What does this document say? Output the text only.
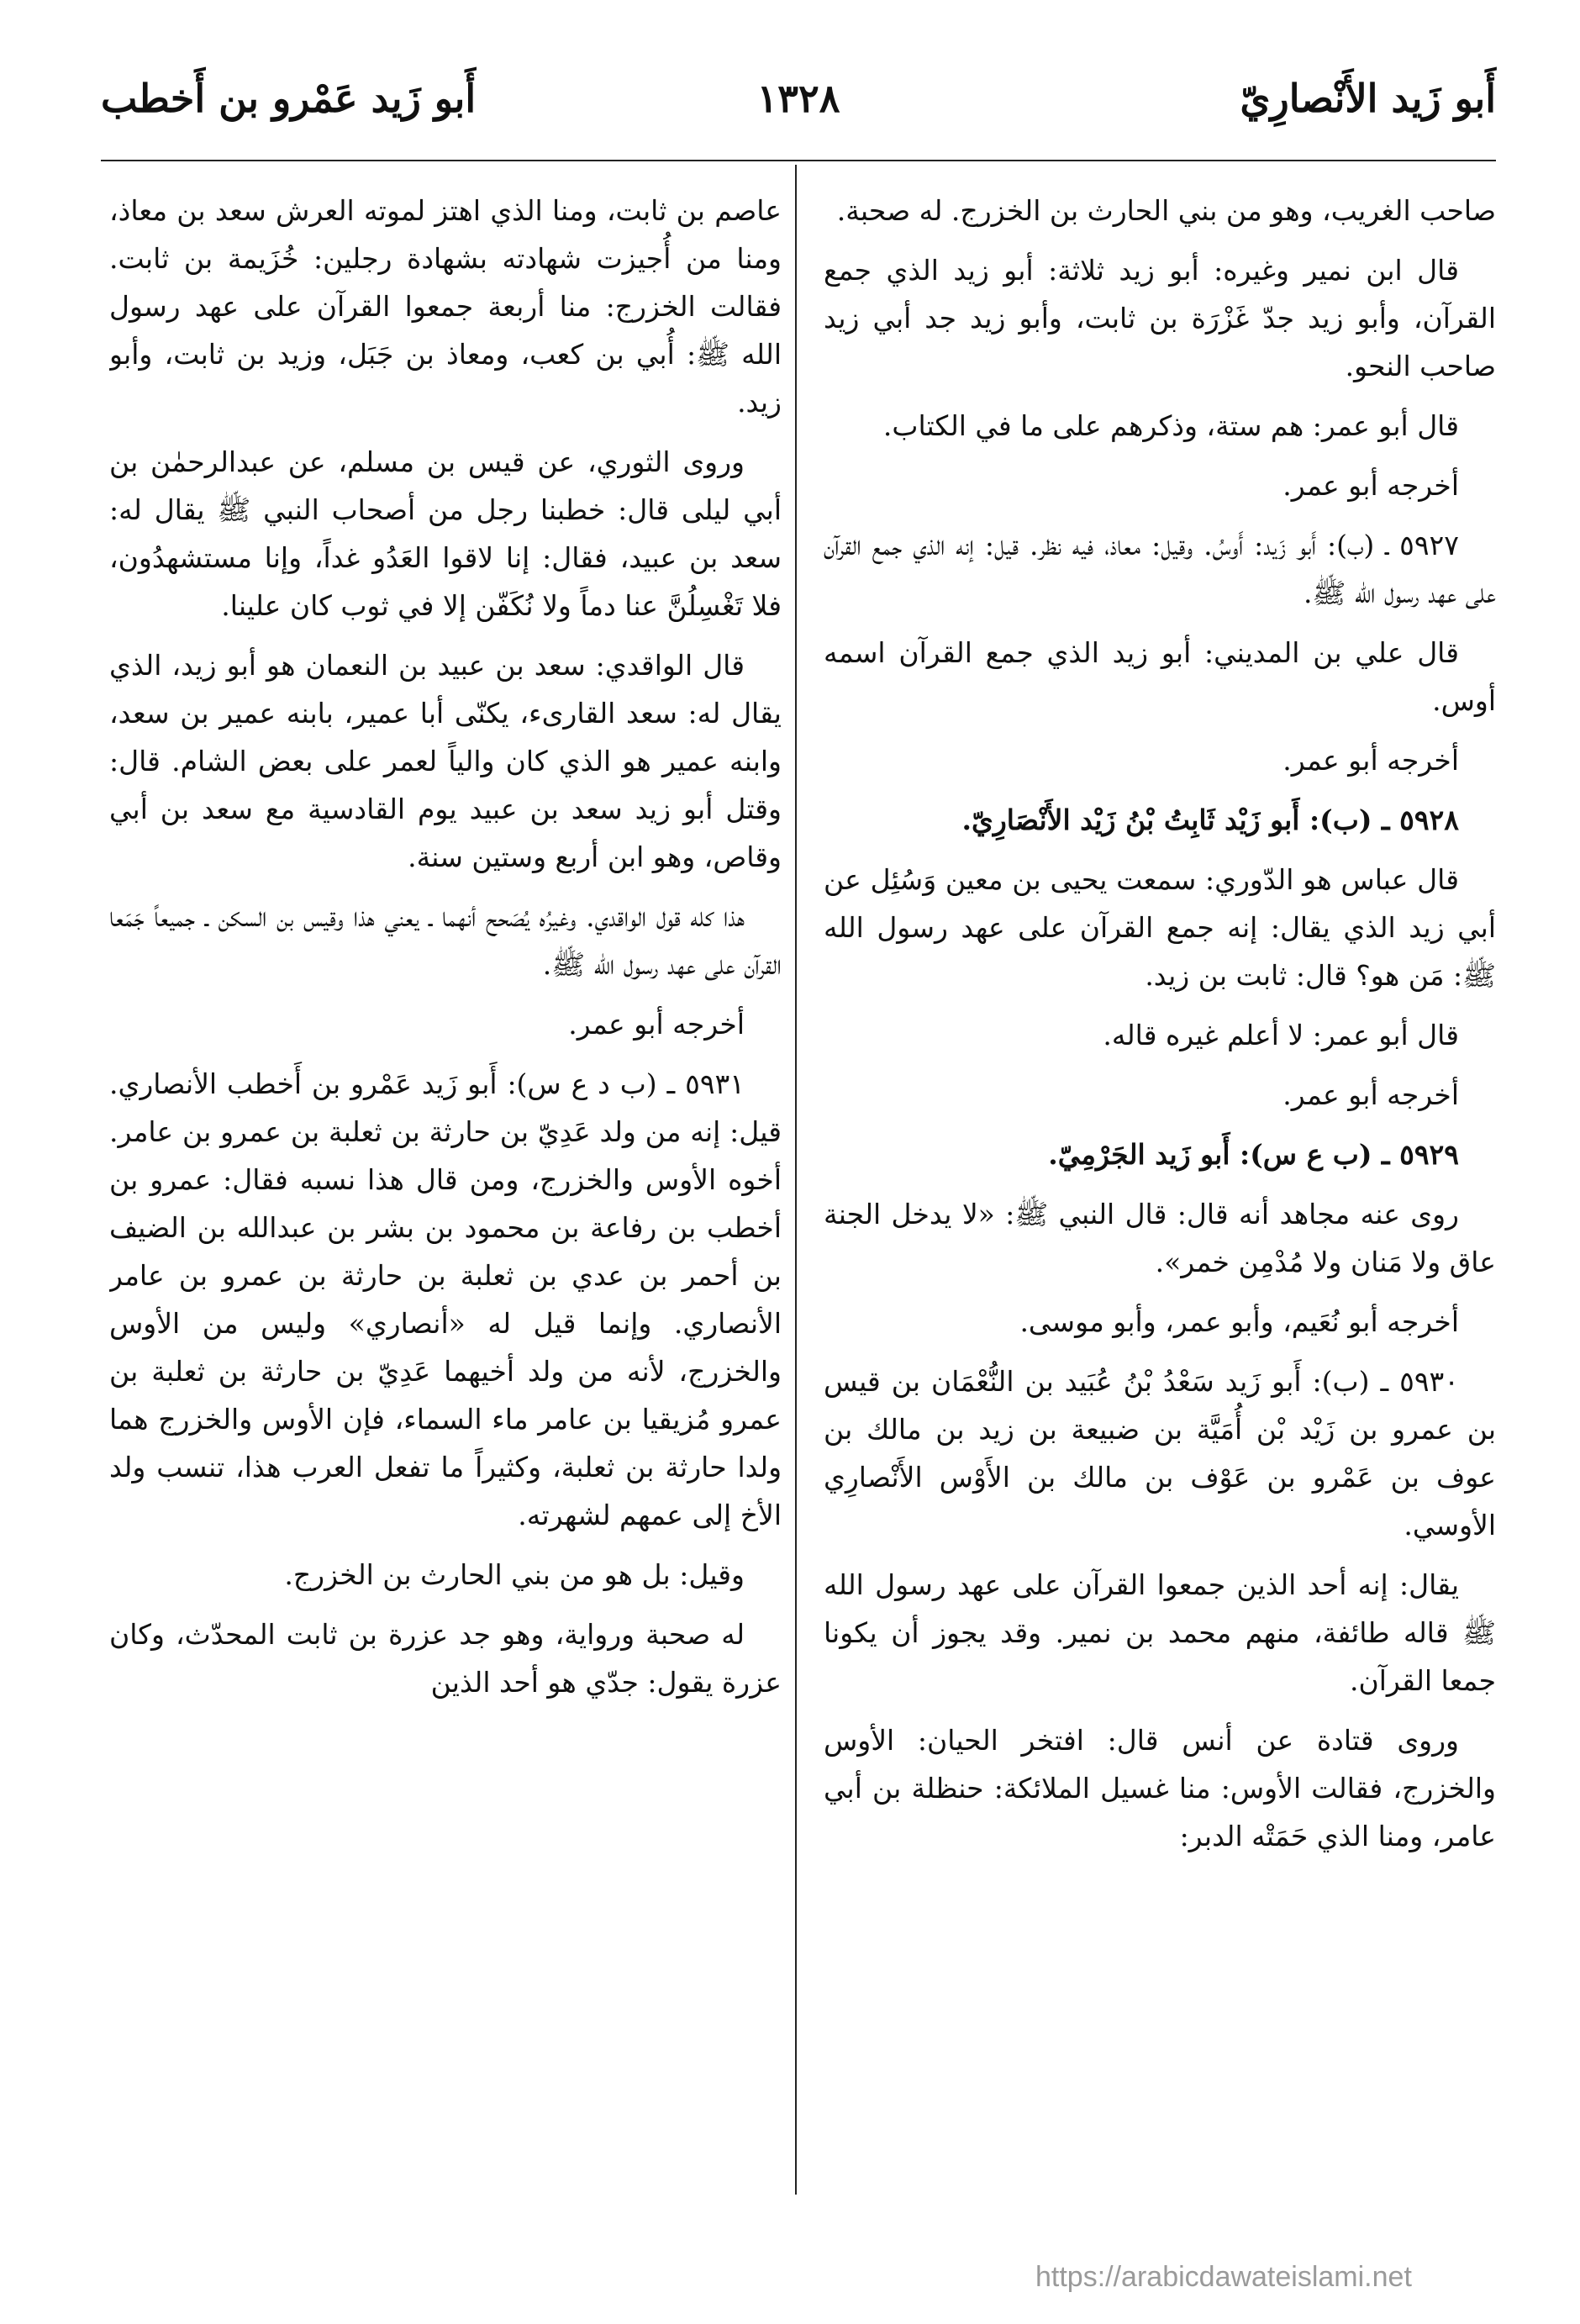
أَبو زَيد الأَنْصارِيّ
١٣٢٨
أَبو زَيد عَمْرو بن أَخطب

صاحب الغريب، وهو من بني الحارث بن الخزرج. له صحبة.

قال ابن نمير وغيره: أبو زيد ثلاثة: أبو زيد الذي جمع القرآن، وأبو زيد جدّ غَزْرَة بن ثابت، وأبو زيد جد أبي زيد صاحب النحو.

قال أبو عمر: هم ستة، وذكرهم على ما في الكتاب.

أخرجه أبو عمر.

٥٩٢٧ ـ (ب): أَبو زَيد: أَوسُ. وقيل: معاذ، فيه نظر. قيل: إنه الذي جمع القرآن على عهد رسول الله ﷺ.

قال علي بن المديني: أبو زيد الذي جمع القرآن اسمه أوس.

أخرجه أبو عمر.

٥٩٢٨ ـ (ب): أَبو زَيْد ثَابِتُ بْنُ زَيْد الأَنْصَارِيّ.

قال عباس هو الدّوري: سمعت يحيى بن معين وَسُئِل عن أبي زيد الذي يقال: إنه جمع القرآن على عهد رسول الله ﷺ: مَن هو؟ قال: ثابت بن زيد.

قال أبو عمر: لا أعلم غيره قاله.

أخرجه أبو عمر.

٥٩٢٩ ـ (ب ع س): أَبو زَيد الجَرْمِيّ.

روى عنه مجاهد أنه قال: قال النبي ﷺ: «لا يدخل الجنة عاق ولا مَنان ولا مُدْمِن خمر».

أخرجه أبو نُعَيم، وأبو عمر، وأبو موسى.

٥٩٣٠ ـ (ب): أَبو زَيد سَعْدُ بْنُ عُبَيد بن النُّعْمَان بن قيس بن عمرو بن زَيْد بْن أُمَيَّة بن ضبيعة بن زيد بن مالك بن عوف بن عَمْرو بن عَوْف بن مالك بن الأَوْس الأَنْصارِي الأوسي.

يقال: إنه أحد الذين جمعوا القرآن على عهد رسول الله ﷺ قاله طائفة، منهم محمد بن نمير. وقد يجوز أن يكونا جمعا القرآن.

وروى قتادة عن أنس قال: افتخر الحيان: الأوس والخزرج، فقالت الأوس: منا غسيل الملائكة: حنظلة بن أبي عامر، ومنا الذي حَمَتْه الدبر:

عاصم بن ثابت، ومنا الذي اهتز لموته العرش سعد بن معاذ، ومنا من أُجيزت شهادته بشهادة رجلين: خُزَيمة بن ثابت. فقالت الخزرج: منا أربعة جمعوا القرآن على عهد رسول الله ﷺ: أُبي بن كعب، ومعاذ بن جَبَل، وزيد بن ثابت، وأبو زيد.

وروى الثوري، عن قيس بن مسلم، عن عبدالرحمٰن بن أبي ليلى قال: خطبنا رجل من أصحاب النبي ﷺ يقال له: سعد بن عبيد، فقال: إنا لاقوا العَدُو غداً، وإنا مستشهدُون، فلا تَغْسِلُنَّ عنا دماً ولا نُكَفّن إلا في ثوب كان علينا.

قال الواقدي: سعد بن عبيد بن النعمان هو أبو زيد، الذي يقال له: سعد القارىء، يكنّى أبا عمير، بابنه عمير بن سعد، وابنه عمير هو الذي كان والياً لعمر على بعض الشام. قال: وقتل أبو زيد سعد بن عبيد يوم القادسية مع سعد بن أبي وقاص، وهو ابن أربع وستين سنة.

هذا كله قول الواقدي. وغيرُه يُصَحح أنهما ـ يعني هذا وقيس بن السكن ـ جميعاً جَمَعا القرآن على عهد رسول الله ﷺ.

أخرجه أبو عمر.

٥٩٣١ ـ (ب د ع س): أَبو زَيد عَمْرو بن أَخطب الأنصاري. قيل: إنه من ولد عَدِيّ بن حارثة بن ثعلبة بن عمرو بن عامر. أخوه الأوس والخزرج، ومن قال هذا نسبه فقال: عمرو بن أخطب بن رفاعة بن محمود بن بشر بن عبدالله بن الضيف بن أحمر بن عدي بن ثعلبة بن حارثة بن عمرو بن عامر الأنصاري. وإنما قيل له «أنصاري» وليس من الأوس والخزرج، لأنه من ولد أخيهما عَدِيّ بن حارثة بن ثعلبة بن عمرو مُزيقيا بن عامر ماء السماء، فإن الأوس والخزرج هما ولدا حارثة بن ثعلبة، وكثيراً ما تفعل العرب هذا، تنسب ولد الأخ إلى عمهم لشهرته.

وقيل: بل هو من بني الحارث بن الخزرج.

له صحبة ورواية، وهو جد عزرة بن ثابت المحدّث، وكان عزرة يقول: جدّي هو أحد الذين

https://arabicdawateislami.net
